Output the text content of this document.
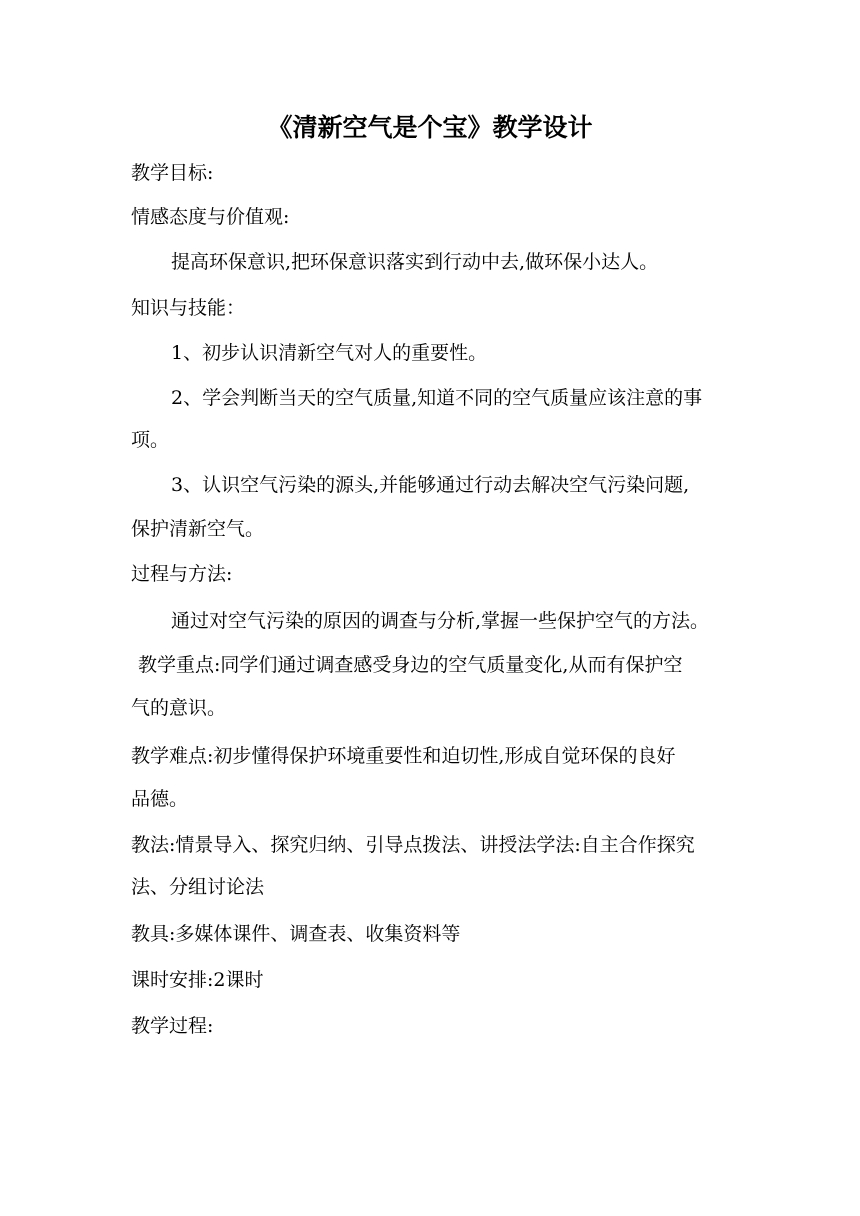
《清新空气是个宝》教学设计
教学目标:
情感态度与价值观:
提高环保意识,把环保意识落实到行动中去,做环保小达人。
知识与技能：
1、初步认识清新空气对人的重要性。
2、学会判断当天的空气质量,知道不同的空气质量应该注意的事
项。
3、认识空气污染的源头,并能够通过行动去解决空气污染问题,
保护清新空气。
过程与方法:
通过对空气污染的原因的调查与分析,掌握一些保护空气的方法。
教学重点:同学们通过调查感受身边的空气质量变化,从而有保护空
气的意识。
教学难点:初步懂得保护环境重要性和迫切性,形成自觉环保的良好
品德。
教法:情景导入、探究归纳、引导点拨法、讲授法学法:自主合作探究
法、分组讨论法
教具:多媒体课件、调查表、收集资料等
课时安排:2课时
教学过程:
